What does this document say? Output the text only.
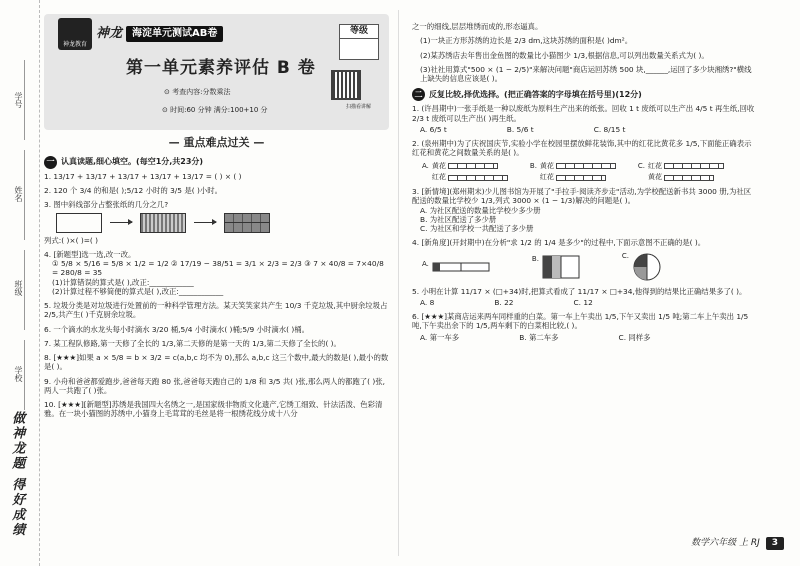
学号
姓名
班级
学校
做神龙题 得好成绩
神龙教育
神龙	海淀单元测试AB卷	等级
第一单元素养评估 B 卷
⊙ 考查内容:分数乘法
⊙ 时间:60 分钟 满分:100+10 分	扫描看讲解
— 重点难点过关 —
一 认真读题,细心填空。(每空1分,共23分)
1. 13/17 + 13/17 + 13/17 + 13/17 + 13/17 = ( ) × ( )
2. 120 个 3/4 的和是( );5/12 小时的 3/5 是( )小时。
3. 图中斜线部分占整张纸的几分之几?
列式:( )×( )=( )
4. [新题型]选一选,改一改。
① 5/8 × 5/16 = 5/8 × 1/2 = 1/2 ② 17/19 − 38/51 = 3/1 × 2/3 = 2/3 ③ 7 × 40/8 = 7×40/8 = 280/8 = 35
(1)计算错误的算式是( ),改正:____________
(2)计算过程不够简便的算式是( ),改正:____________
5. 垃圾分类是对垃圾进行处置前的一种科学管理方法。某天笑笑家共产生 10/3 千克垃圾,其中厨余垃圾占 2/5,共产生( )千克厨余垃圾。
6. 一个滴水的水龙头每小时滴水 3/20 桶,5/4 小时滴水( )桶;5/9 小时滴水( )桶。
7. 某工程队修路,第一天修了全长的 1/3,第二天修的是第一天的 1/3,第二天修了全长的( )。
8. [★★★]如果 a × 5/8 = b × 3/2 = c(a,b,c 均不为 0),那么 a,b,c 这三个数中,最大的数是( ),最小的数是( )。
9. 小舟和爸爸都爱跑步,爸爸每天跑 80 张,爸爸每天跑自己的 1/8 和 3/5 共( )张,那么两人的都跑了( )张,两人一共跑了( )张。
10. [★★★][新题型]苏绣是我国四大名绣之一,是国家级非物质文化遗产,它绣工细致、针法活泼、色彩清雅。在一块小猫图的苏绣中,小猫身上毛茸茸的毛丝是将一根绣花线分成十八分
之一的细线,层层堆绣而成的,形态逼真。
(1)一块正方形苏绣的边长是 2/3 dm,这块苏绣的面积是( )dm²。
(2)某苏绣店去年售出金鱼图的数量比小猫图少 1/3,根据信息,可以列出数量关系式为( )。
(3)社社用算式"500 × (1 − 2/5)"来解决问题"商店运回苏绣 500 块,______,运回了多少块湘绣?"横线上缺失的信息应该是( )。
二 反复比较,择优选择。(把正确答案的字母填在括号里)(12分)
1. (许昌期中)一张手纸是一种以废纸为原料生产出来的纸张。回收 1 t 废纸可以生产出 4/5 t 再生纸,回收 2/3 t 废纸可以生产出( )再生纸。
A. 6/5 t	B. 5/6 t	C. 8/15 t
2. (泉州期中)为了庆祝国庆节,实验小学在校园里摆放鲜花装饰,其中的红花比黄花多 1/5,下面能正确表示红花和黄花之间数量关系的是( )。
A. 黄花
红花
B. 黄花
红花
C. 红花
黄花
3. [新情境](郑州期末)少儿图书馆为开展了"手拉手·阅读齐步走"活动,为学校配送新书共 3000 册,为社区配送的数量比学校少 1/3,列式 3000 × (1 − 1/3)解决的问题是( )。
A. 为社区配送的数量比学校少多少册
B. 为社区配送了多少册
C. 为社区和学校一共配送了多少册
4. [新角度](开封期中)在分析"求 1/2 的 1/4 是多少"的过程中,下面示意图不正确的是( )。
A.
B.	C.
5. 小明在计算 11/17 × (□+34)时,把算式看成了 11/17 × □+34,他得到的结果比正确结果多了( )。
A. 8	B. 22	C. 12
6. [★★★]某商店运来两车同样重的白菜。第一车上午卖出 1/5,下午又卖出 1/5 吨;第二车上午卖出 1/5 吨,下午卖出余下的 1/5,两车剩下的白菜相比较,( )。
A. 第一车多	B. 第二车多	C. 同样多
数学六年级 上 RJ	3
